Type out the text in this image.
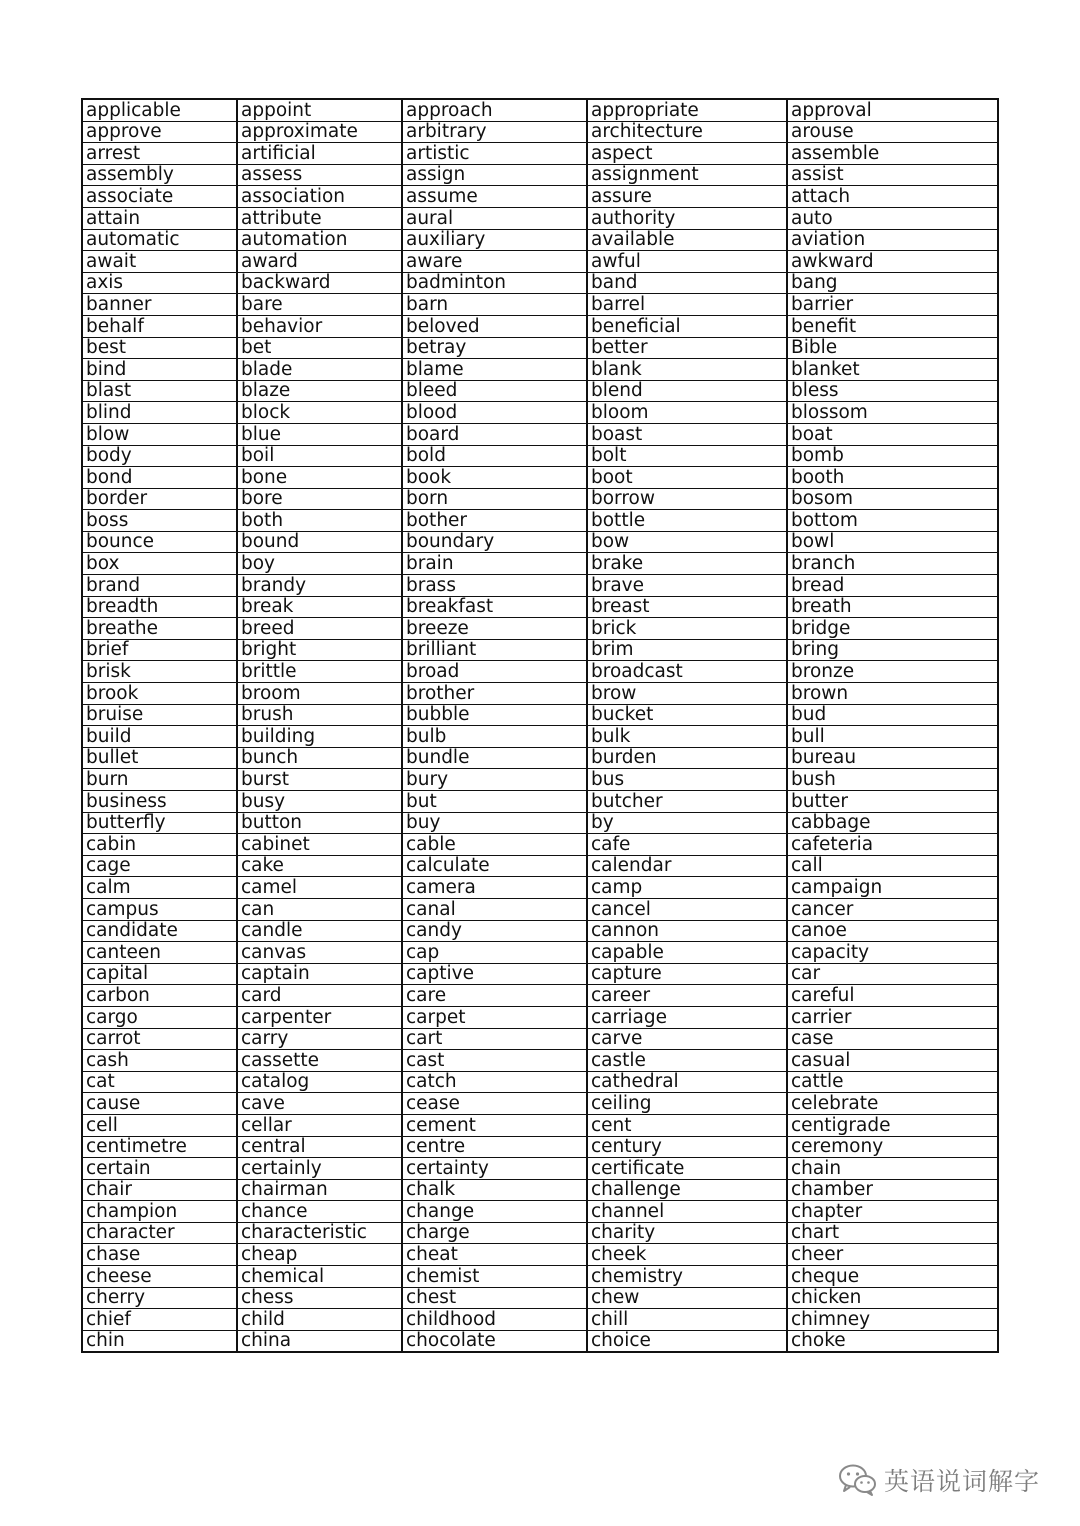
applicable	appoint	approach	appropriate	approval
approve	approximate	arbitrary	architecture	arouse
arrest	artificial	artistic	aspect	assemble
assembly	assess	assign	assignment	assist
associate	association	assume	assure	attach
attain	attribute	aural	authority	auto
automatic	automation	auxiliary	available	aviation
await	award	aware	awful	awkward
axis	backward	badminton	band	bang
banner	bare	barn	barrel	barrier
behalf	behavior	beloved	beneficial	benefit
best	bet	betray	better	Bible
bind	blade	blame	blank	blanket
blast	blaze	bleed	blend	bless
blind	block	blood	bloom	blossom
blow	blue	board	boast	boat
body	boil	bold	bolt	bomb
bond	bone	book	boot	booth
border	bore	born	borrow	bosom
boss	both	bother	bottle	bottom
bounce	bound	boundary	bow	bowl
box	boy	brain	brake	branch
brand	brandy	brass	brave	bread
breadth	break	breakfast	breast	breath
breathe	breed	breeze	brick	bridge
brief	bright	brilliant	brim	bring
brisk	brittle	broad	broadcast	bronze
brook	broom	brother	brow	brown
bruise	brush	bubble	bucket	bud
build	building	bulb	bulk	bull
bullet	bunch	bundle	burden	bureau
burn	burst	bury	bus	bush
business	busy	but	butcher	butter
butterfly	button	buy	by	cabbage
cabin	cabinet	cable	cafe	cafeteria
cage	cake	calculate	calendar	call
calm	camel	camera	camp	campaign
campus	can	canal	cancel	cancer
candidate	candle	candy	cannon	canoe
canteen	canvas	cap	capable	capacity
capital	captain	captive	capture	car
carbon	card	care	career	careful
cargo	carpenter	carpet	carriage	carrier
carrot	carry	cart	carve	case
cash	cassette	cast	castle	casual
cat	catalog	catch	cathedral	cattle
cause	cave	cease	ceiling	celebrate
cell	cellar	cement	cent	centigrade
centimetre	central	centre	century	ceremony
certain	certainly	certainty	certificate	chain
chair	chairman	chalk	challenge	chamber
champion	chance	change	channel	chapter
character	characteristic	charge	charity	chart
chase	cheap	cheat	cheek	cheer
cheese	chemical	chemist	chemistry	cheque
cherry	chess	chest	chew	chicken
chief	child	childhood	chill	chimney
chin	china	chocolate	choice	choke
英语说词解字
